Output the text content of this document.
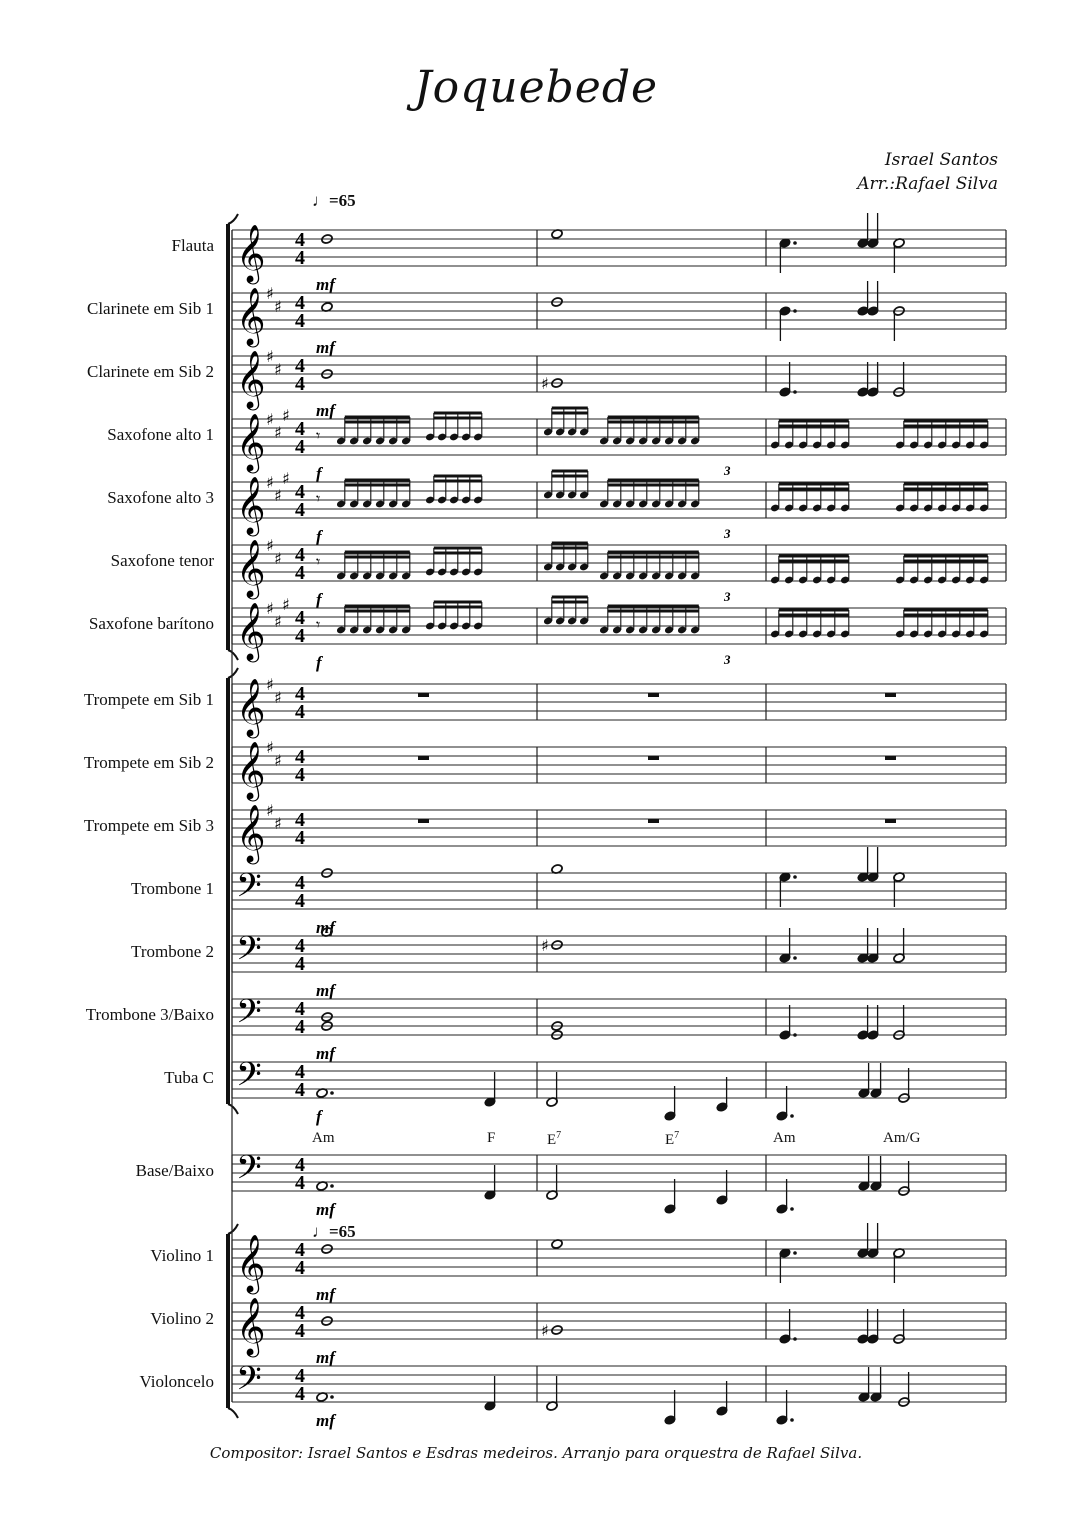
Joquebede
Israel Santos
Arr.:Rafael Silva
♩=65
♩=65
Flauta
Clarinete em Sib 1
Clarinete em Sib 2
Saxofone alto 1
Saxofone alto 3
Saxofone tenor
Saxofone barítono
Trompete em Sib 1
Trompete em Sib 2
Trompete em Sib 3
Trombone 1
Trombone 2
Trombone 3/Baixo
Tuba C
Base/Baixo
Violino 1
Violino 2
Violoncelo
Am	F	$E^7$	$E^7$	Am	Am/G
𝄞 4
4
mf
𝄞 ♯
♯ 4
4
mf
𝄞 ♯
♯ 4
4
mf
♯
𝄞 ♯
♯
♯
4
4
f
𝄾
3
𝄞 ♯
♯
♯
4
4
f
𝄾
3
𝄞 ♯
♯ 4
4
f
𝄾
3
𝄞 ♯
♯
♯
4
4
f
𝄾
3
𝄞 ♯
♯ 4
4
𝄞 ♯
♯ 4
4
𝄞 ♯
♯ 4
4
𝄢 4
4
mf
𝄢 4
4
mf
♯
𝄢 4
4
mf
𝄢 4
4
f
𝄢 4
4
mf
𝄞 4
4
mf
𝄞 4
4
mf
♯
𝄢 4
4
mf
Compositor: Israel Santos e Esdras medeiros. Arranjo para orquestra de Rafael Silva.
